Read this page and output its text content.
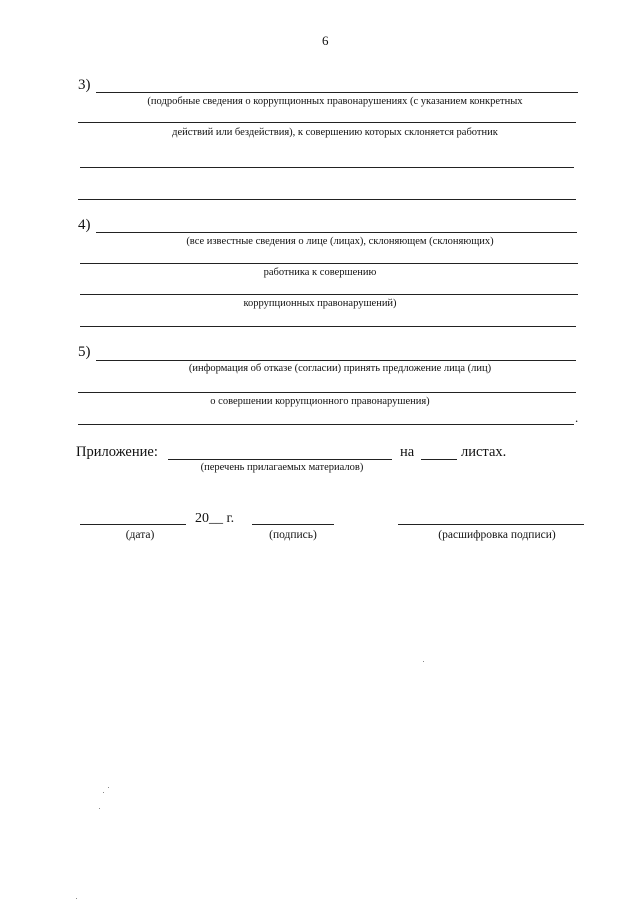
6
3)
(подробные сведения о коррупционных правонарушениях (с указанием конкретных
действий или бездействия), к совершению которых склоняется работник
4)
(все известные сведения о лице (лицах), склоняющем (склоняющих)
работника к совершению
коррупционных правонарушений)
5)
(информация об отказе (согласии) принять предложение лица (лиц)
о совершении коррупционного правонарушения)
.
Приложение:	на	листах.
(перечень прилагаемых материалов)
20__ г.
(дата)	(подпись)	(расшифровка подписи)
